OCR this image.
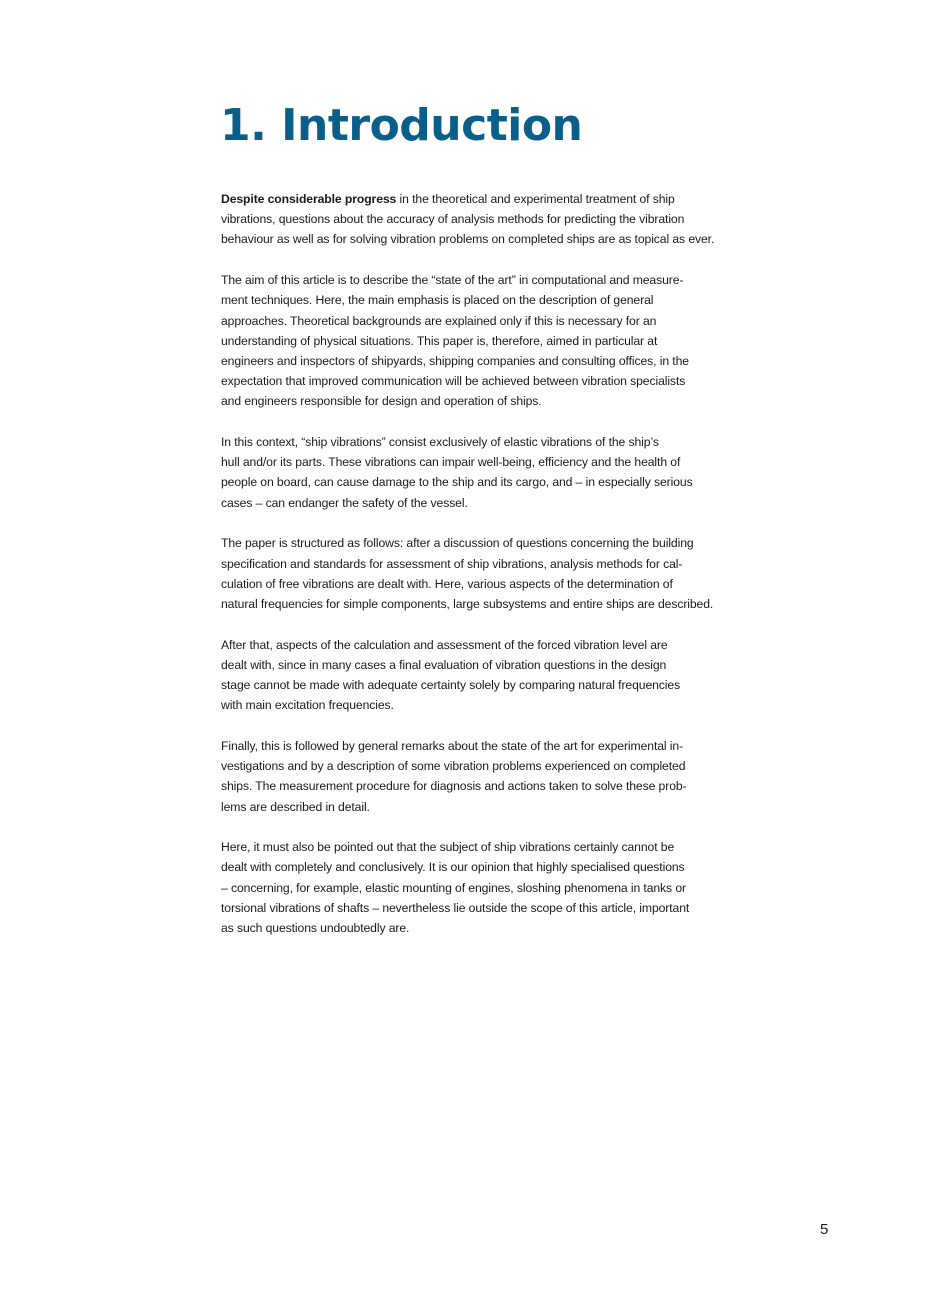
1. Introduction

Despite considerable progress in the theoretical and experimental treatment of ship
vibrations, questions about the accuracy of analysis methods for predicting the vibration
behaviour as well as for solving vibration problems on completed ships are as topical as ever.

The aim of this article is to describe the “state of the art” in computational and measure-
ment techniques. Here, the main emphasis is placed on the description of general
approaches. Theoretical backgrounds are explained only if this is necessary for an
understanding of physical situations. This paper is, therefore, aimed in particular at
engineers and inspectors of shipyards, shipping companies and consulting offices, in the
expectation that improved communication will be achieved between vibration specialists
and engineers responsible for design and operation of ships.

In this context, “ship vibrations” consist exclusively of elastic vibrations of the ship’s
hull and/or its parts. These vibrations can impair well-being, efficiency and the health of
people on board, can cause damage to the ship and its cargo, and – in especially serious
cases – can endanger the safety of the vessel.

The paper is structured as follows: after a discussion of questions concerning the building
specification and standards for assessment of ship vibrations, analysis methods for cal-
culation of free vibrations are dealt with. Here, various aspects of the determination of
natural frequencies for simple components, large subsystems and entire ships are described.

After that, aspects of the calculation and assessment of the forced vibration level are
dealt with, since in many cases a final evaluation of vibration questions in the design
stage cannot be made with adequate certainty solely by comparing natural frequencies
with main excitation frequencies.

Finally, this is followed by general remarks about the state of the art for experimental in-
vestigations and by a description of some vibration problems experienced on completed
ships. The measurement procedure for diagnosis and actions taken to solve these prob-
lems are described in detail.

Here, it must also be pointed out that the subject of ship vibrations certainly cannot be
dealt with completely and conclusively. It is our opinion that highly specialised questions
– concerning, for example, elastic mounting of engines, sloshing phenomena in tanks or
torsional vibrations of shafts – nevertheless lie outside the scope of this article, important
as such questions undoubtedly are.

5
